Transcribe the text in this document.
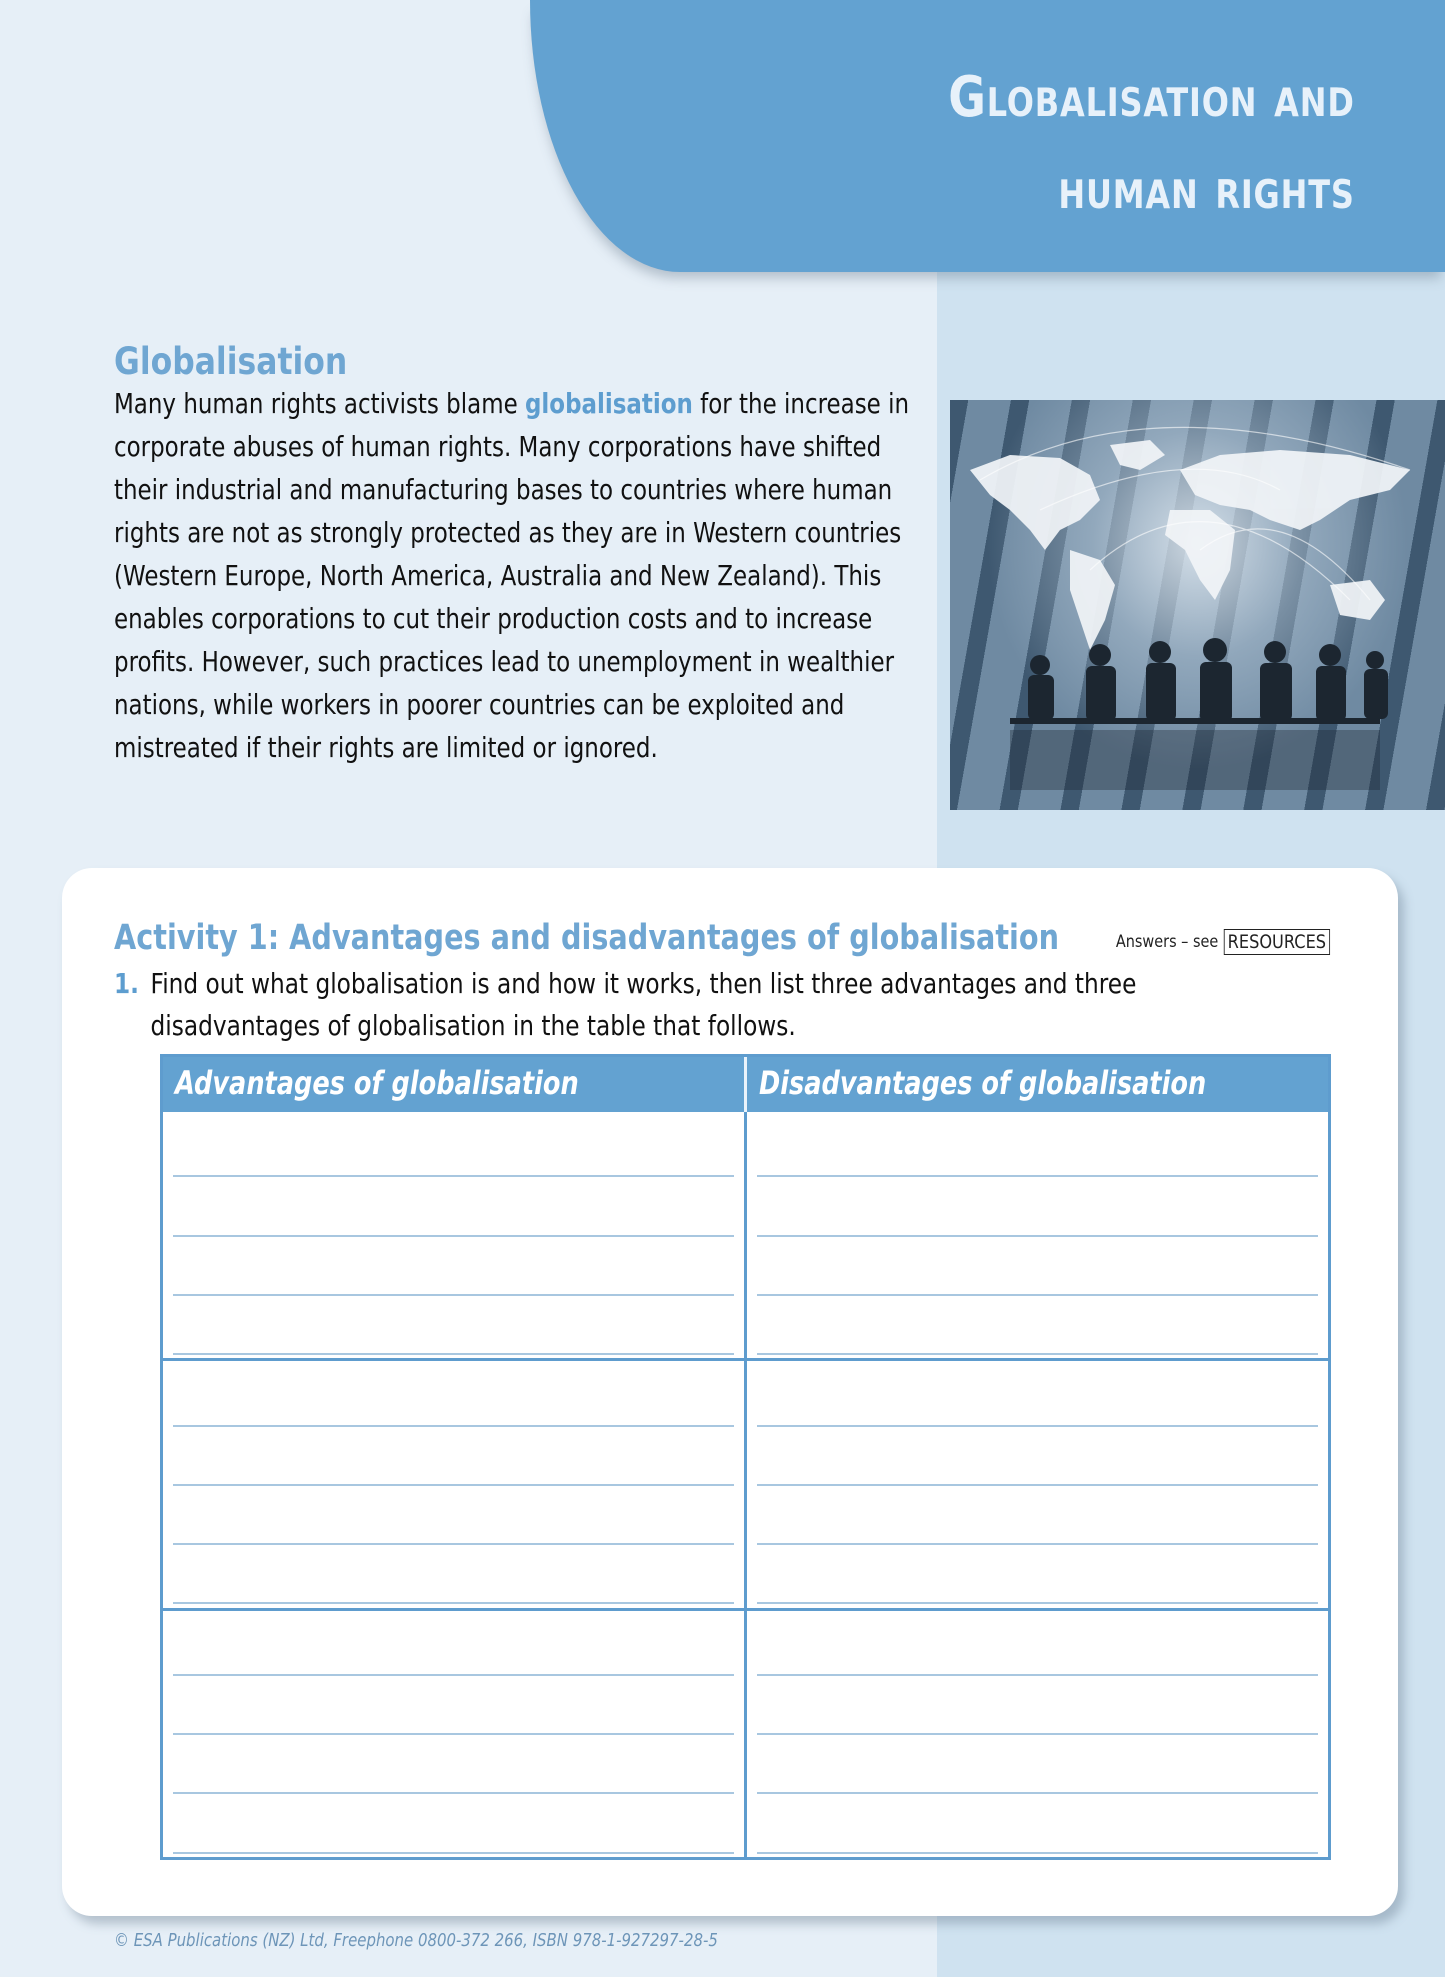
Globalisation and
human rights
Globalisation

Many human rights activists blame globalisation for the increase in corporate abuses of human rights. Many corporations have shifted their industrial and manufacturing bases to countries where human rights are not as strongly protected as they are in Western countries (Western Europe, North America, Australia and New Zealand). This enables corporations to cut their production costs and to increase profits. However, such practices lead to unemployment in wealthier nations, while workers in poorer countries can be exploited and mistreated if their rights are limited or ignored.

Activity 1: Advantages and disadvantages of globalisation	Answers – see RESOURCES
1. Find out what globalisation is and how it works, then list three advantages and three disadvantages of globalisation in the table that follows.
Advantages of globalisation	Disadvantages of globalisation
© ESA Publications (NZ) Ltd, Freephone 0800-372 266, ISBN 978-1-927297-28-5
